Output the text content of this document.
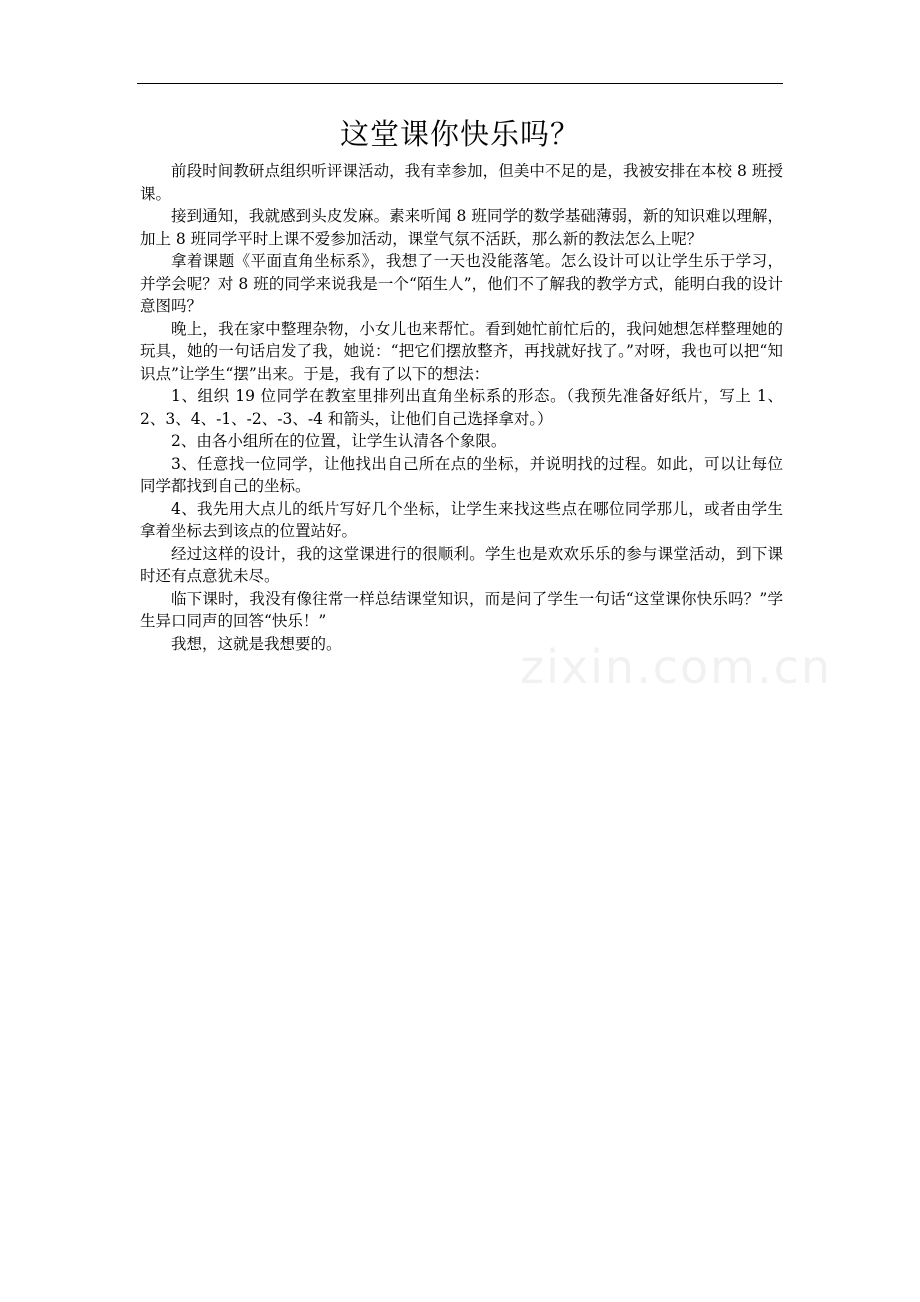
这堂课你快乐吗？

前段时间教研点组织听评课活动，我有幸参加，但美中不足的是，我被安排在本校 8 班授课。

接到通知，我就感到头皮发麻。素来听闻 8 班同学的数学基础薄弱，新的知识难以理解，加上 8 班同学平时上课不爱参加活动，课堂气氛不活跃，那么新的教法怎么上呢？

拿着课题《平面直角坐标系》，我想了一天也没能落笔。怎么设计可以让学生乐于学习，并学会呢？对 8 班的同学来说我是一个“陌生人”，他们不了解我的教学方式，能明白我的设计意图吗？

晚上，我在家中整理杂物，小女儿也来帮忙。看到她忙前忙后的，我问她想怎样整理她的玩具，她的一句话启发了我，她说：“把它们摆放整齐，再找就好找了。”对呀，我也可以把“知识点”让学生“摆”出来。于是，我有了以下的想法：

1、组织 19 位同学在教室里排列出直角坐标系的形态。（我预先准备好纸片，写上 1、2、3、4、-1、-2、-3、-4 和箭头，让他们自己选择拿对。）

2、由各小组所在的位置，让学生认清各个象限。

3、任意找一位同学，让他找出自己所在点的坐标，并说明找的过程。如此，可以让每位同学都找到自己的坐标。

4、我先用大点儿的纸片写好几个坐标，让学生来找这些点在哪位同学那儿，或者由学生拿着坐标去到该点的位置站好。

经过这样的设计，我的这堂课进行的很顺利。学生也是欢欢乐乐的参与课堂活动，到下课时还有点意犹未尽。

临下课时，我没有像往常一样总结课堂知识，而是问了学生一句话“这堂课你快乐吗？”学生异口同声的回答“快乐！”

我想，这就是我想要的。	zixin.com.cn
